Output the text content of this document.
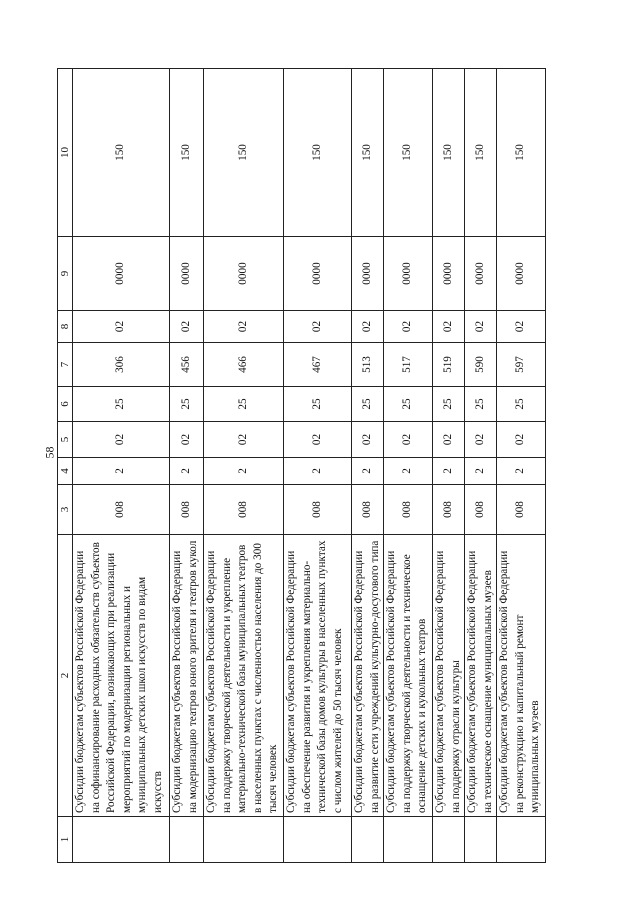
58
1	2	3	4	5	6	7	8	9	10
	Субсидии бюджетам субъектов Российской Федерации на софинансирование расходных обязательств субъектов Российской Федерации, возникающих при реализации мероприятий по модернизации региональных и муниципальных детских школ искусств по видам искусств	008	2	02	25	306	02	0000	150
	Субсидии бюджетам субъектов Российской Федерации на модернизацию театров юного зрителя и театров кукол	008	2	02	25	456	02	0000	150
	Субсидии бюджетам субъектов Российской Федерации на поддержку творческой деятельности и укрепление материально-технической базы муниципальных театров в населенных пунктах с численностью населения до 300 тысяч человек	008	2	02	25	466	02	0000	150
	Субсидии бюджетам субъектов Российской Федерации на обеспечение развития и укрепления материально-технической базы домов культуры в населенных пунктах с числом жителей до 50 тысяч человек	008	2	02	25	467	02	0000	150
	Субсидии бюджетам субъектов Российской Федерации на развитие сети учреждений культурно-досугового типа	008	2	02	25	513	02	0000	150
	Субсидии бюджетам субъектов Российской Федерации на поддержку творческой деятельности и техническое оснащение детских и кукольных театров	008	2	02	25	517	02	0000	150
	Субсидии бюджетам субъектов Российской Федерации на поддержку отрасли культуры	008	2	02	25	519	02	0000	150
	Субсидии бюджетам субъектов Российской Федерации на техническое оснащение муниципальных музеев	008	2	02	25	590	02	0000	150
	Субсидии бюджетам субъектов Российской Федерации на реконструкцию и капитальный ремонт муниципальных музеев	008	2	02	25	597	02	0000	150
